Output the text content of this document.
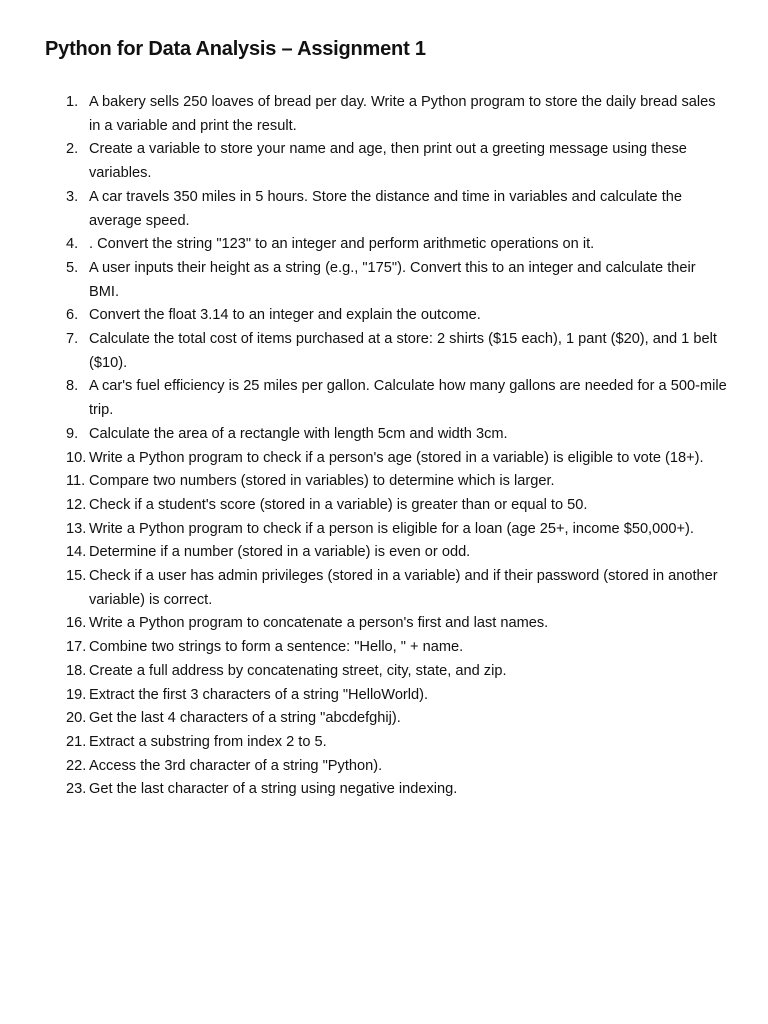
Python for Data Analysis – Assignment 1
1. A bakery sells 250 loaves of bread per day. Write a Python program to store the daily bread sales in a variable and print the result.
2. Create a variable to store your name and age, then print out a greeting message using these variables.
3. A car travels 350 miles in 5 hours. Store the distance and time in variables and calculate the average speed.
4. . Convert the string "123" to an integer and perform arithmetic operations on it.
5. A user inputs their height as a string (e.g., "175"). Convert this to an integer and calculate their BMI.
6. Convert the float 3.14 to an integer and explain the outcome.
7. Calculate the total cost of items purchased at a store: 2 shirts ($15 each), 1 pant ($20), and 1 belt ($10).
8. A car's fuel efficiency is 25 miles per gallon. Calculate how many gallons are needed for a 500-mile trip.
9. Calculate the area of a rectangle with length 5cm and width 3cm.
10. Write a Python program to check if a person's age (stored in a variable) is eligible to vote (18+).
11. Compare two numbers (stored in variables) to determine which is larger.
12. Check if a student's score (stored in a variable) is greater than or equal to 50.
13. Write a Python program to check if a person is eligible for a loan (age 25+, income $50,000+).
14. Determine if a number (stored in a variable) is even or odd.
15. Check if a user has admin privileges (stored in a variable) and if their password (stored in another variable) is correct.
16. Write a Python program to concatenate a person's first and last names.
17. Combine two strings to form a sentence: "Hello, " + name.
18. Create a full address by concatenating street, city, state, and zip.
19. Extract the first 3 characters of a string "HelloWorld).
20. Get the last 4 characters of a string "abcdefghij).
21. Extract a substring from index 2 to 5.
22. Access the 3rd character of a string "Python).
23. Get the last character of a string using negative indexing.
